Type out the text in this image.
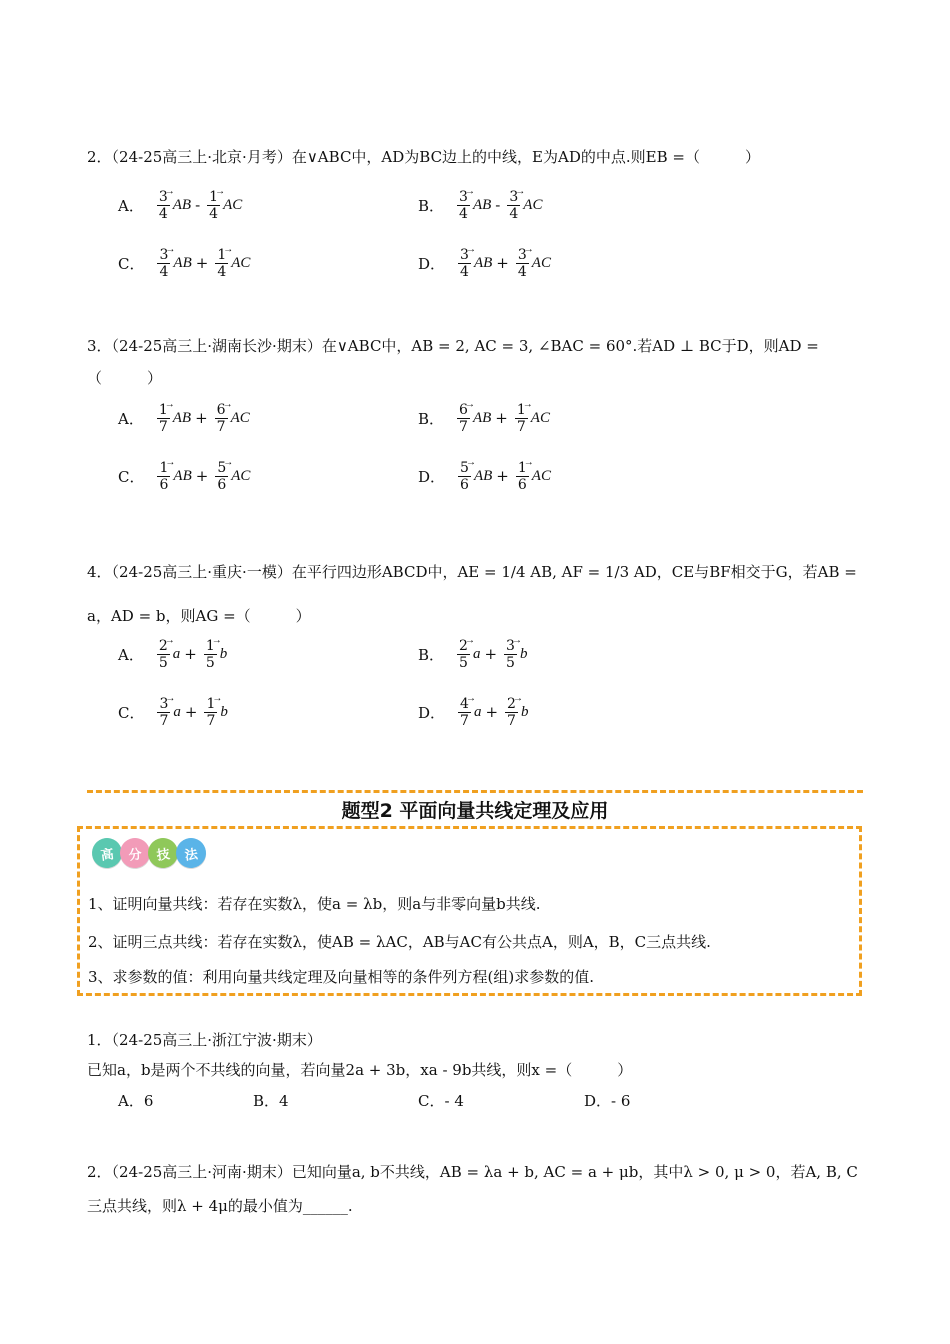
2．（24-25高三上·北京·月考）在∨ABC中，AD为BC边上的中线，E为AD的中点.则EB =（　　　）
3．（24-25高三上·湖南长沙·期末）在∨ABC中，AB = 2, AC = 3, ∠BAC = 60°.若AD ⊥ BC于D，则AD =（　　　）
4．（24-25高三上·重庆·一模）在平行四边形ABCD中，AE = 1/4 AB, AF = 1/3 AD，CE与BF相交于G，若AB = a，AD = b，则AG =（　　　）
A． $\frac{3}{4}$
→ AB - $\frac{1}{4}$
→ AC	B． $\frac{3}{4}$
→ AB - $\frac{3}{4}$
→ AC
C． $\frac{3}{4}$
→ AB + $\frac{1}{4}$
→ AC	D． $\frac{3}{4}$
→ AB + $\frac{3}{4}$
→ AC
A． $\frac{1}{7}$
→ AB + $\frac{6}{7}$
→ AC	B． $\frac{6}{7}$
→ AB + $\frac{1}{7}$
→ AC
C． $\frac{1}{6}$
→ AB + $\frac{5}{6}$
→ AC	D． $\frac{5}{6}$
→ AB + $\frac{1}{6}$
→ AC
A． $\frac{2}{5}$
→ $a + \frac{1}{5}$
→ b	B． $\frac{2}{5}$
→ $a + \frac{3}{5}$
→ b
C． $\frac{3}{7}$
→ $a + \frac{1}{7}$
→ b	D． $\frac{4}{7}$
→ $a + \frac{2}{7}$
→ b
题型2 平面向量共线定理及应用
高	分	技	法
1、证明向量共线：若存在实数λ，使a = λb，则a与非零向量b共线.
2、证明三点共线：若存在实数λ，使AB = λAC，AB与AC有公共点A，则A，B，C三点共线.
3、求参数的值：利用向量共线定理及向量相等的条件列方程(组)求参数的值.
1．（24-25高三上·浙江宁波·期末）已知a，b是两个不共线的向量，若向量2a + 3b，xa - 9b共线，则x =（　　　）
A．6	B．4	C．- 4	D．- 6
2．（24-25高三上·河南·期末）已知向量a, b不共线，AB = λa + b, AC = a + μb，其中λ > 0, μ > 0，若A, B, C三点共线，则λ + 4μ的最小值为______.
